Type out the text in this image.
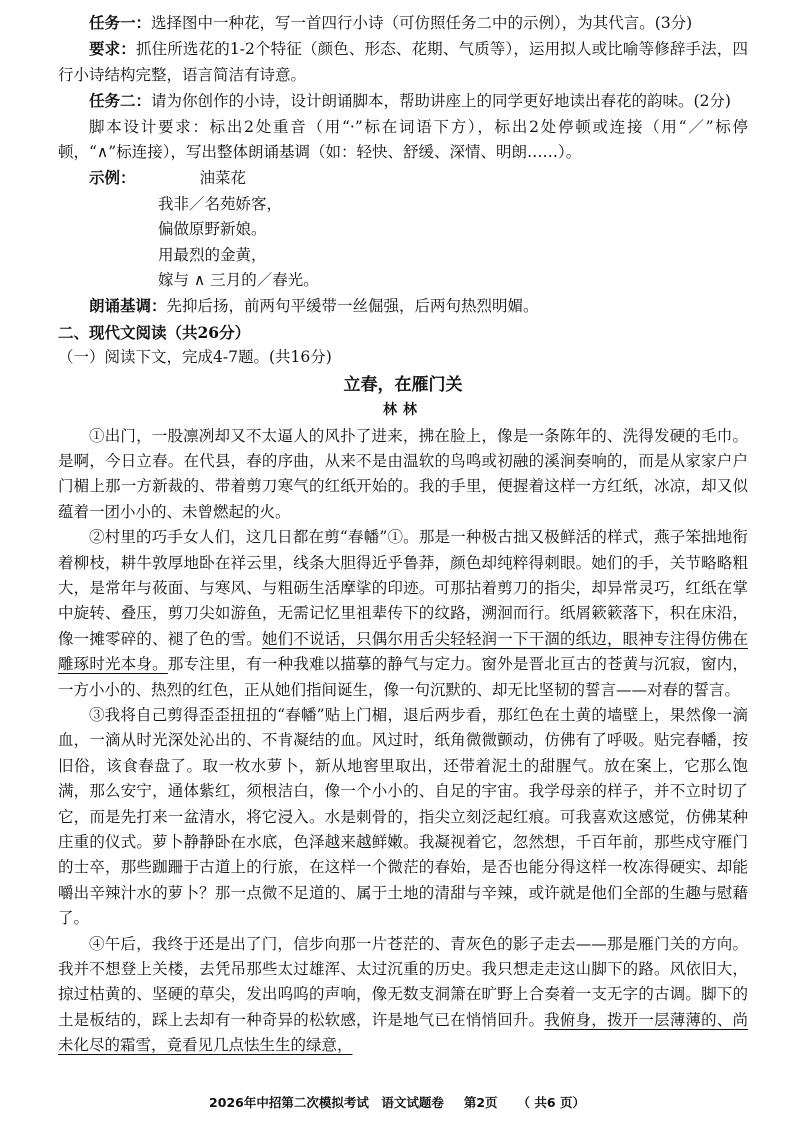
任务一：选择图中一种花，写一首四行小诗（可仿照任务二中的示例），为其代言。(3分)

要求：抓住所选花的1-2个特征（颜色、形态、花期、气质等），运用拟人或比喻等修辞手法，四行小诗结构完整，语言简洁有诗意。

任务二：请为你创作的小诗，设计朗诵脚本，帮助讲座上的同学更好地读出春花的韵味。(2分)

脚本设计要求：标出2处重音（用“·”标在词语下方），标出2处停顿或连接（用“／”标停顿，“∧”标连接），写出整体朗诵基调（如：轻快、舒缓、深情、明朗……）。

示例：	油菜花

我非／名苑娇客，

偏做原野新娘。

用最烈的金黄，

嫁与 ∧ 三月的／春光。

朗诵基调：先抑后扬，前两句平缓带一丝倔强，后两句热烈明媚。

二、现代文阅读（共26分）

（一）阅读下文，完成4-7题。(共16分)

立春，在雁门关

林林

①出门，一股凛冽却又不太逼人的风扑了进来，拂在脸上，像是一条陈年的、洗得发硬的毛巾。是啊，今日立春。在代县，春的序曲，从来不是由温软的鸟鸣或初融的溪涧奏响的，而是从家家户户门楣上那一方新裁的、带着剪刀寒气的红纸开始的。我的手里，便握着这样一方红纸，冰凉，却又似蕴着一团小小的、未曾燃起的火。

②村里的巧手女人们，这几日都在剪“春幡”①。那是一种极古拙又极鲜活的样式，燕子笨拙地衔着柳枝，耕牛敦厚地卧在祥云里，线条大胆得近乎鲁莽，颜色却纯粹得刺眼。她们的手，关节略略粗大，是常年与莜面、与寒风、与粗砺生活摩挲的印迹。可那拈着剪刀的指尖，却异常灵巧，红纸在掌中旋转、叠压，剪刀尖如游鱼，无需记忆里祖辈传下的纹路，溯洄而行。纸屑簌簌落下，积在床沿，像一摊零碎的、褪了色的雪。她们不说话，只偶尔用舌尖轻轻润一下干涸的纸边，眼神专注得仿佛在雕琢时光本身。那专注里，有一种我难以描摹的静气与定力。窗外是晋北亘古的苍黄与沉寂，窗内，一方小小的、热烈的红色，正从她们指间诞生，像一句沉默的、却无比坚韧的誓言——对春的誓言。

③我将自己剪得歪歪扭扭的“春幡”贴上门楣，退后两步看，那红色在土黄的墙壁上，果然像一滴血，一滴从时光深处沁出的、不肯凝结的血。风过时，纸角微微颤动，仿佛有了呼吸。贴完春幡，按旧俗，该食春盘了。取一枚水萝卜，新从地窖里取出，还带着泥土的甜腥气。放在案上，它那么饱满，那么安宁，通体紫红，须根洁白，像一个小小的、自足的宇宙。我学母亲的样子，并不立时切了它，而是先打来一盆清水，将它浸入。水是刺骨的，指尖立刻泛起红痕。可我喜欢这感觉，仿佛某种庄重的仪式。萝卜静静卧在水底，色泽越来越鲜嫩。我凝视着它，忽然想，千百年前，那些戍守雁门的士卒，那些跏跚于古道上的行旅，在这样一个微茫的春始，是否也能分得这样一枚冻得硬实、却能嚼出辛辣汁水的萝卜？那一点微不足道的、属于土地的清甜与辛辣，或许就是他们全部的生趣与慰藉了。

④午后，我终于还是出了门，信步向那一片苍茫的、青灰色的影子走去——那是雁门关的方向。我并不想登上关楼，去凭吊那些太过雄浑、太过沉重的历史。我只想走走这山脚下的路。风依旧大，掠过枯黄的、坚硬的草尖，发出呜呜的声响，像无数支洞箫在旷野上合奏着一支无字的古调。脚下的土是板结的，踩上去却有一种奇异的松软感，许是地气已在悄悄回升。我俯身，拨开一层薄薄的、尚未化尽的霜雪，竟看见几点怯生生的绿意，

2026年中招第二次模拟考试　语文试题卷 第2页 （ 共6 页）
